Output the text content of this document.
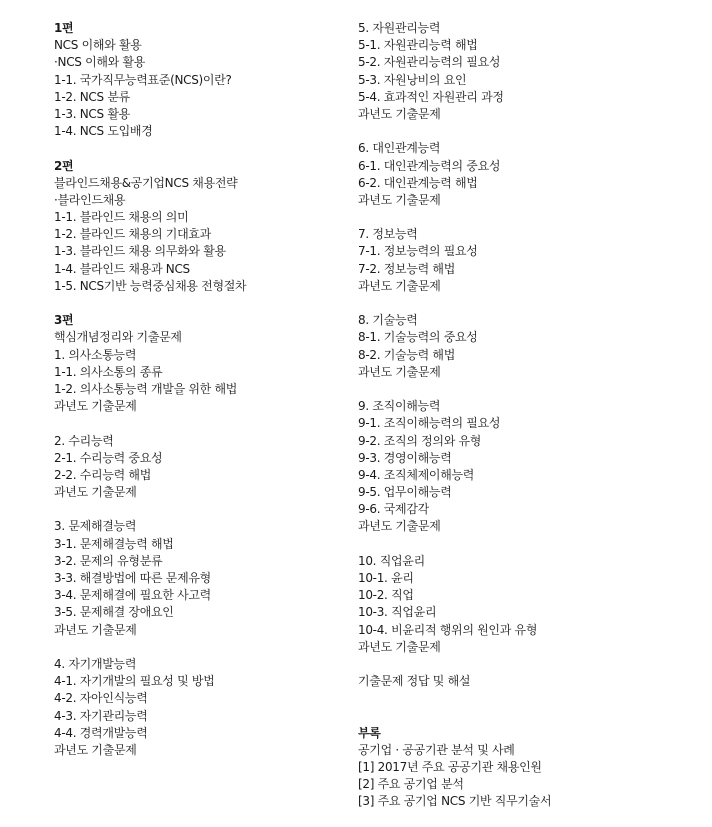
1편
NCS 이해와 활용
·NCS 이해와 활용
1-1. 국가직무능력표준(NCS)이란?
1-2. NCS 분류
1-3. NCS 활용
1-4. NCS 도입배경
2편
블라인드채용&공기업NCS 채용전략
·블라인드채용
1-1. 블라인드 채용의 의미
1-2. 블라인드 채용의 기대효과
1-3. 블라인드 채용 의무화와 활용
1-4. 블라인드 채용과 NCS
1-5. NCS기반 능력중심채용 전형절차
3편
핵심개념정리와 기출문제
1. 의사소통능력
1-1. 의사소통의 종류
1-2. 의사소통능력 개발을 위한 해법
과년도 기출문제
2. 수리능력
2-1. 수리능력 중요성
2-2. 수리능력 해법
과년도 기출문제
3. 문제해결능력
3-1. 문제해결능력 해법
3-2. 문제의 유형분류
3-3. 해결방법에 따른 문제유형
3-4. 문제해결에 필요한 사고력
3-5. 문제해결 장애요인
과년도 기출문제
4. 자기개발능력
4-1. 자기개발의 필요성 및 방법
4-2. 자아인식능력
4-3. 자기관리능력
4-4. 경력개발능력
과년도 기출문제
5. 자원관리능력
5-1. 자원관리능력 해법
5-2. 자원관리능력의 필요성
5-3. 자원낭비의 요인
5-4. 효과적인 자원관리 과정
과년도 기출문제
6. 대인관계능력
6-1. 대인관계능력의 중요성
6-2. 대인관계능력 해법
과년도 기출문제
7. 정보능력
7-1. 정보능력의 필요성
7-2. 정보능력 해법
과년도 기출문제
8. 기술능력
8-1. 기술능력의 중요성
8-2. 기술능력 해법
과년도 기출문제
9. 조직이해능력
9-1. 조직이해능력의 필요성
9-2. 조직의 정의와 유형
9-3. 경영이해능력
9-4. 조직체제이해능력
9-5. 업무이해능력
9-6. 국제감각
과년도 기출문제
10. 직업윤리
10-1. 윤리
10-2. 직업
10-3. 직업윤리
10-4. 비윤리적 행위의 원인과 유형
과년도 기출문제
기출문제 정답 및 해설
부록
공기업 · 공공기관 분석 및 사례
[1] 2017년 주요 공공기관 채용인원
[2] 주요 공기업 분석
[3] 주요 공기업 NCS 기반 직무기술서
